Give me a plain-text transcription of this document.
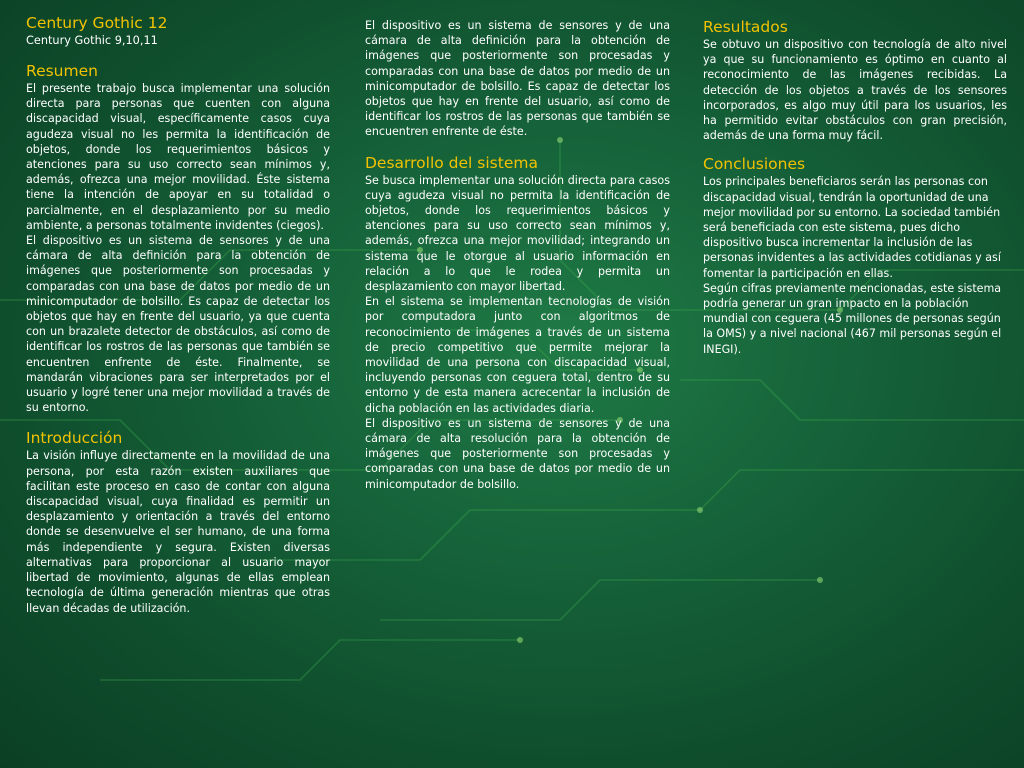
Century Gothic 12

Century Gothic 9,10,11

Resumen

El presente trabajo busca implementar una solución directa para personas que cuenten con alguna discapacidad visual, específicamente casos cuya agudeza visual no les permita la identificación de objetos, donde los requerimientos básicos y atenciones para su uso correcto sean mínimos y, además, ofrezca una mejor movilidad. Éste sistema tiene la intención de apoyar en su totalidad o parcialmente, en el desplazamiento por su medio ambiente, a personas totalmente invidentes (ciegos).

El dispositivo es un sistema de sensores y de una cámara de alta definición para la obtención de imágenes que posteriormente son procesadas y comparadas con una base de datos por medio de un minicomputador de bolsillo. Es capaz de detectar los objetos que hay en frente del usuario, ya que cuenta con un brazalete detector de obstáculos, así como de identificar los rostros de las personas que también se encuentren enfrente de éste. Finalmente, se mandarán vibraciones para ser interpretados por el usuario y logré tener una mejor movilidad a través de su entorno.

Introducción

La visión influye directamente en la movilidad de una persona, por esta razón existen auxiliares que facilitan este proceso en caso de contar con alguna discapacidad visual, cuya finalidad es permitir un desplazamiento y orientación a través del entorno donde se desenvuelve el ser humano, de una forma más independiente y segura. Existen diversas alternativas para proporcionar al usuario mayor libertad de movimiento, algunas de ellas emplean tecnología de última generación mientras que otras llevan décadas de utilización.

El dispositivo es un sistema de sensores y de una cámara de alta definición para la obtención de imágenes que posteriormente son procesadas y comparadas con una base de datos por medio de un minicomputador de bolsillo. Es capaz de detectar los objetos que hay en frente del usuario, así como de identificar los rostros de las personas que también se encuentren enfrente de éste.

Desarrollo del sistema

Se busca implementar una solución directa para casos cuya agudeza visual no permita la identificación de objetos, donde los requerimientos básicos y atenciones para su uso correcto sean mínimos y, además, ofrezca una mejor movilidad; integrando un sistema que le otorgue al usuario información en relación a lo que le rodea y permita un desplazamiento con mayor libertad.

En el sistema se implementan tecnologías de visión por computadora junto con algoritmos de reconocimiento de imágenes a través de un sistema de precio competitivo que permite mejorar la movilidad de una persona con discapacidad visual, incluyendo personas con ceguera total, dentro de su entorno y de esta manera acrecentar la inclusión de dicha población en las actividades diaria.

El dispositivo es un sistema de sensores y de una cámara de alta resolución para la obtención de imágenes que posteriormente son procesadas y comparadas con una base de datos por medio de un minicomputador de bolsillo.

Resultados

Se obtuvo un dispositivo con tecnología de alto nivel ya que su funcionamiento es óptimo en cuanto al reconocimiento de las imágenes recibidas. La detección de los objetos a través de los sensores incorporados, es algo muy útil para los usuarios, les ha permitido evitar obstáculos con gran precisión, además de una forma muy fácil.

Conclusiones

Los principales beneficiaros serán las personas con discapacidad visual, tendrán la oportunidad de una mejor movilidad por su entorno. La sociedad también será beneficiada con este sistema, pues dicho dispositivo busca incrementar la inclusión de las personas invidentes a las actividades cotidianas y así fomentar la participación en ellas.

Según cifras previamente mencionadas, este sistema podría generar un gran impacto en la población mundial con ceguera (45 millones de personas según la OMS) y a nivel nacional (467 mil personas según el INEGI).
